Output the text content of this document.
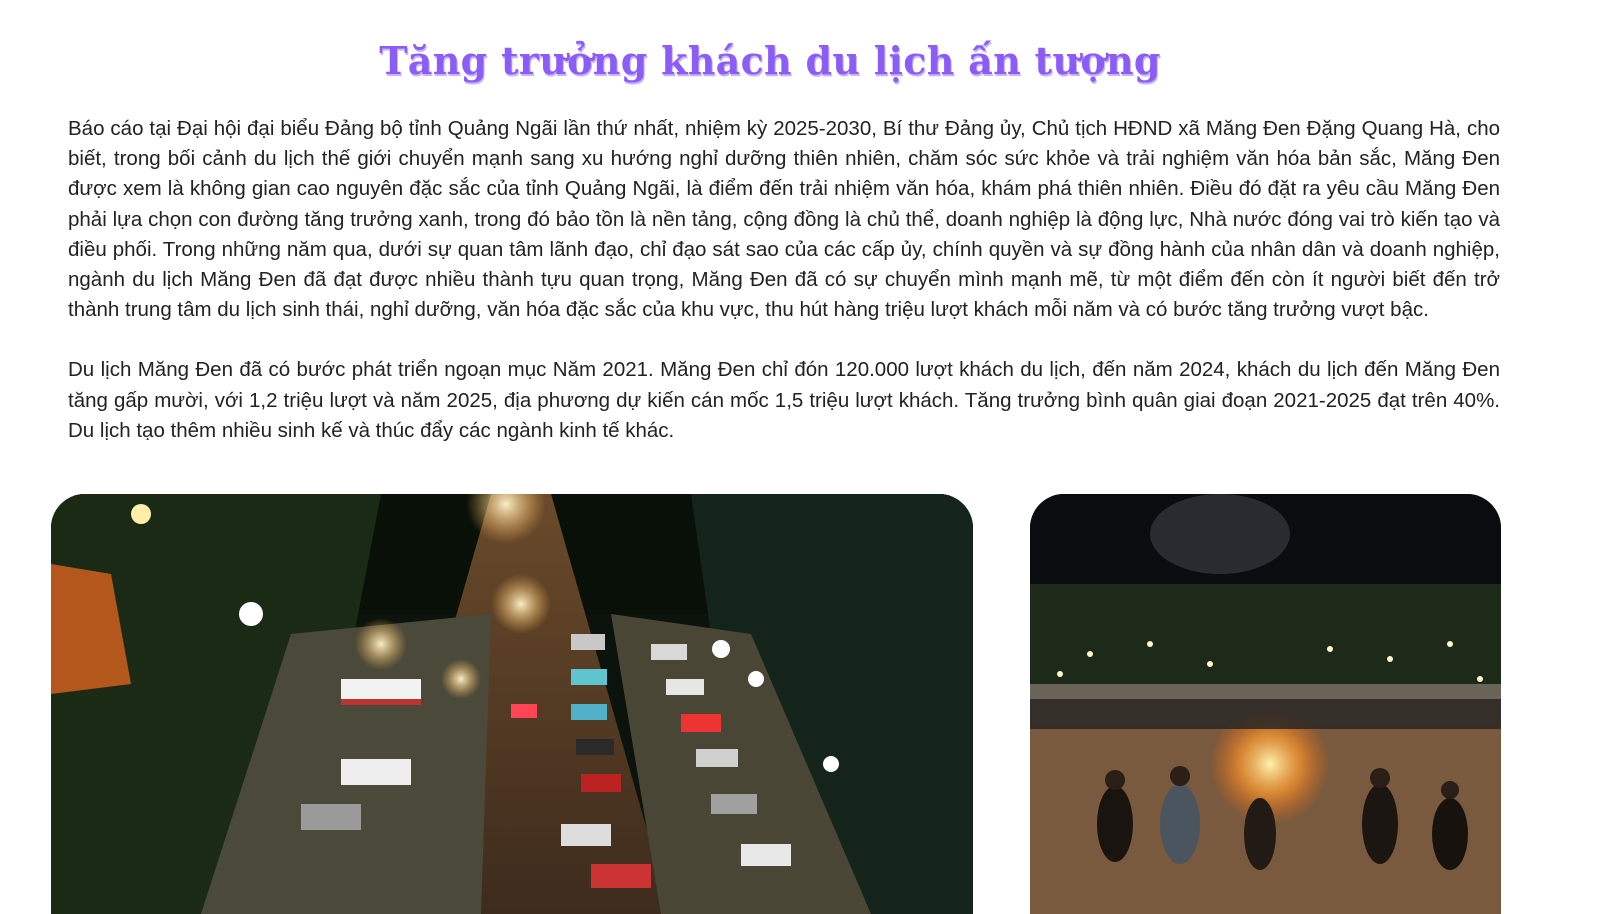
Tăng trưởng khách du lịch ấn tượng

Báo cáo tại Đại hội đại biểu Đảng bộ tỉnh Quảng Ngãi lần thứ nhất, nhiệm kỳ 2025-2030, Bí thư Đảng ủy, Chủ tịch HĐND xã Măng Đen Đặng Quang Hà, cho biết, trong bối cảnh du lịch thế giới chuyển mạnh sang xu hướng nghỉ dưỡng thiên nhiên, chăm sóc sức khỏe và trải nghiệm văn hóa bản sắc, Măng Đen được xem là không gian cao nguyên đặc sắc của tỉnh Quảng Ngãi, là điểm đến trải nhiệm văn hóa, khám phá thiên nhiên. Điều đó đặt ra yêu cầu Măng Đen phải lựa chọn con đường tăng trưởng xanh, trong đó bảo tồn là nền tảng, cộng đồng là chủ thể, doanh nghiệp là động lực, Nhà nước đóng vai trò kiến tạo và điều phối. Trong những năm qua, dưới sự quan tâm lãnh đạo, chỉ đạo sát sao của các cấp ủy, chính quyền và sự đồng hành của nhân dân và doanh nghiệp, ngành du lịch Măng Đen đã đạt được nhiều thành tựu quan trọng, Măng Đen đã có sự chuyển mình mạnh mẽ, từ một điểm đến còn ít người biết đến trở thành trung tâm du lịch sinh thái, nghỉ dưỡng, văn hóa đặc sắc của khu vực, thu hút hàng triệu lượt khách mỗi năm và có bước tăng trưởng vượt bậc.

Du lịch Măng Đen đã có bước phát triển ngoạn mục Năm 2021. Măng Đen chỉ đón 120.000 lượt khách du lịch, đến năm 2024, khách du lịch đến Măng Đen tăng gấp mười, với 1,2 triệu lượt và năm 2025, địa phương dự kiến cán mốc 1,5 triệu lượt khách. Tăng trưởng bình quân giai đoạn 2021-2025 đạt trên 40%. Du lịch tạo thêm nhiều sinh kế và thúc đẩy các ngành kinh tế khác.
